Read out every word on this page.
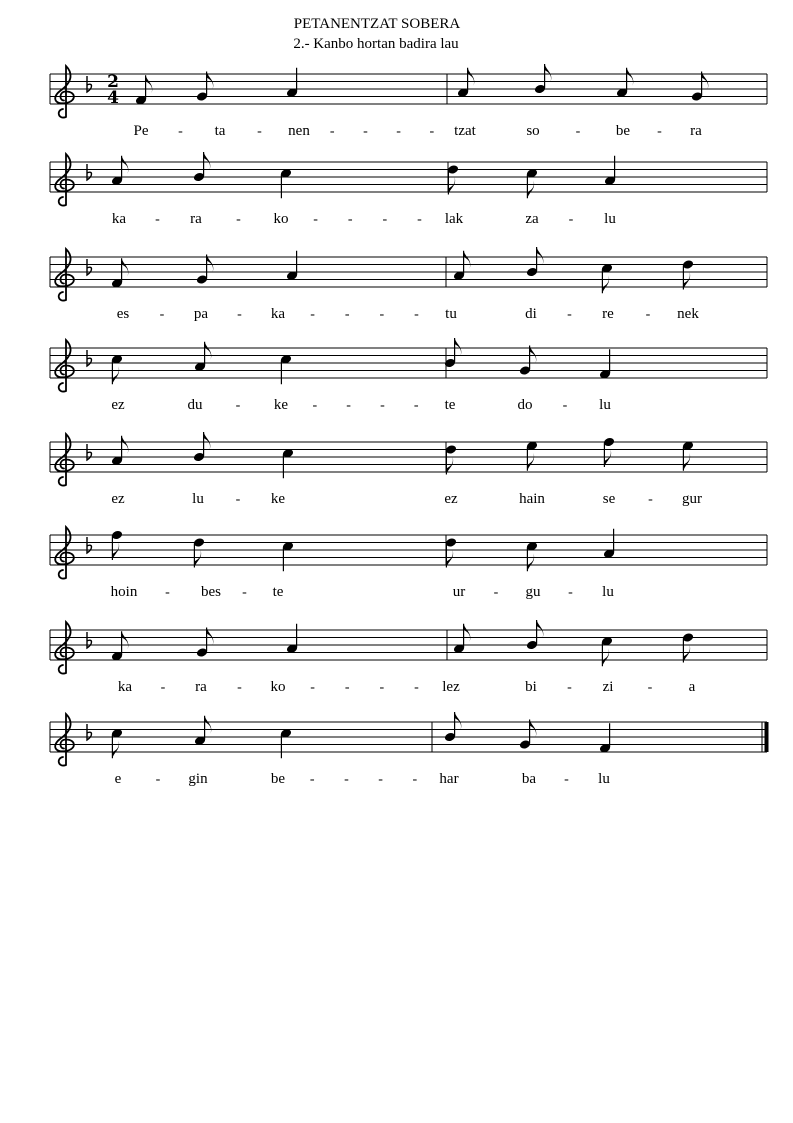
PETANENTZAT SOBERA
2.- Kanbo hortan badira lau
2
4
Pe - ta - nen - - - - tzat	so	- be - ra
ka - ra - ko - - - - lak	za - lu
es - pa - ka - - - - tu	di - re - nek
ez	du - ke - - - - te	do - lu
ez	lu - ke	ez	hain	se - gur
hoin - bes - te	ur - gu - lu
ka - ra - ko - - - - lez	bi - zi - a
e - gin	be - - - - har	ba - lu
